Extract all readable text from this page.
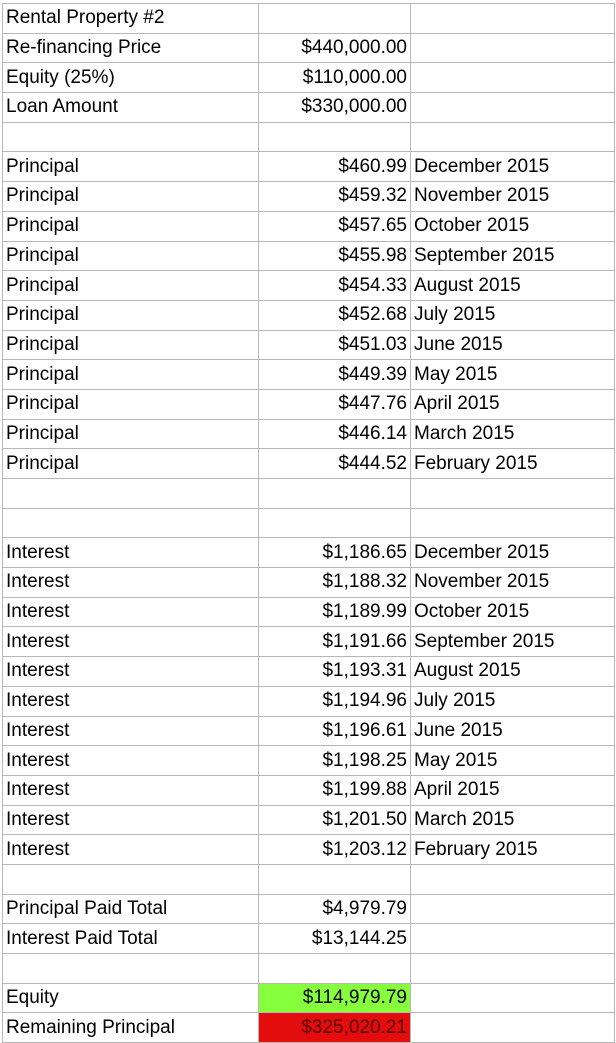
Rental Property #2		
Re-financing Price	$440,000.00	
Equity (25%)	$110,000.00	
Loan Amount	$330,000.00	

Principal	$460.99	December 2015
Principal	$459.32	November 2015
Principal	$457.65	October 2015
Principal	$455.98	September 2015
Principal	$454.33	August 2015
Principal	$452.68	July 2015
Principal	$451.03	June 2015
Principal	$449.39	May 2015
Principal	$447.76	April 2015
Principal	$446.14	March 2015
Principal	$444.52	February 2015

Interest	$1,186.65	December 2015
Interest	$1,188.32	November 2015
Interest	$1,189.99	October 2015
Interest	$1,191.66	September 2015
Interest	$1,193.31	August 2015
Interest	$1,194.96	July 2015
Interest	$1,196.61	June 2015
Interest	$1,198.25	May 2015
Interest	$1,199.88	April 2015
Interest	$1,201.50	March 2015
Interest	$1,203.12	February 2015

Principal Paid Total	$4,979.79	
Interest Paid Total	$13,144.25	

Equity	$114,979.79	
Remaining Principal	$325,020.21	
